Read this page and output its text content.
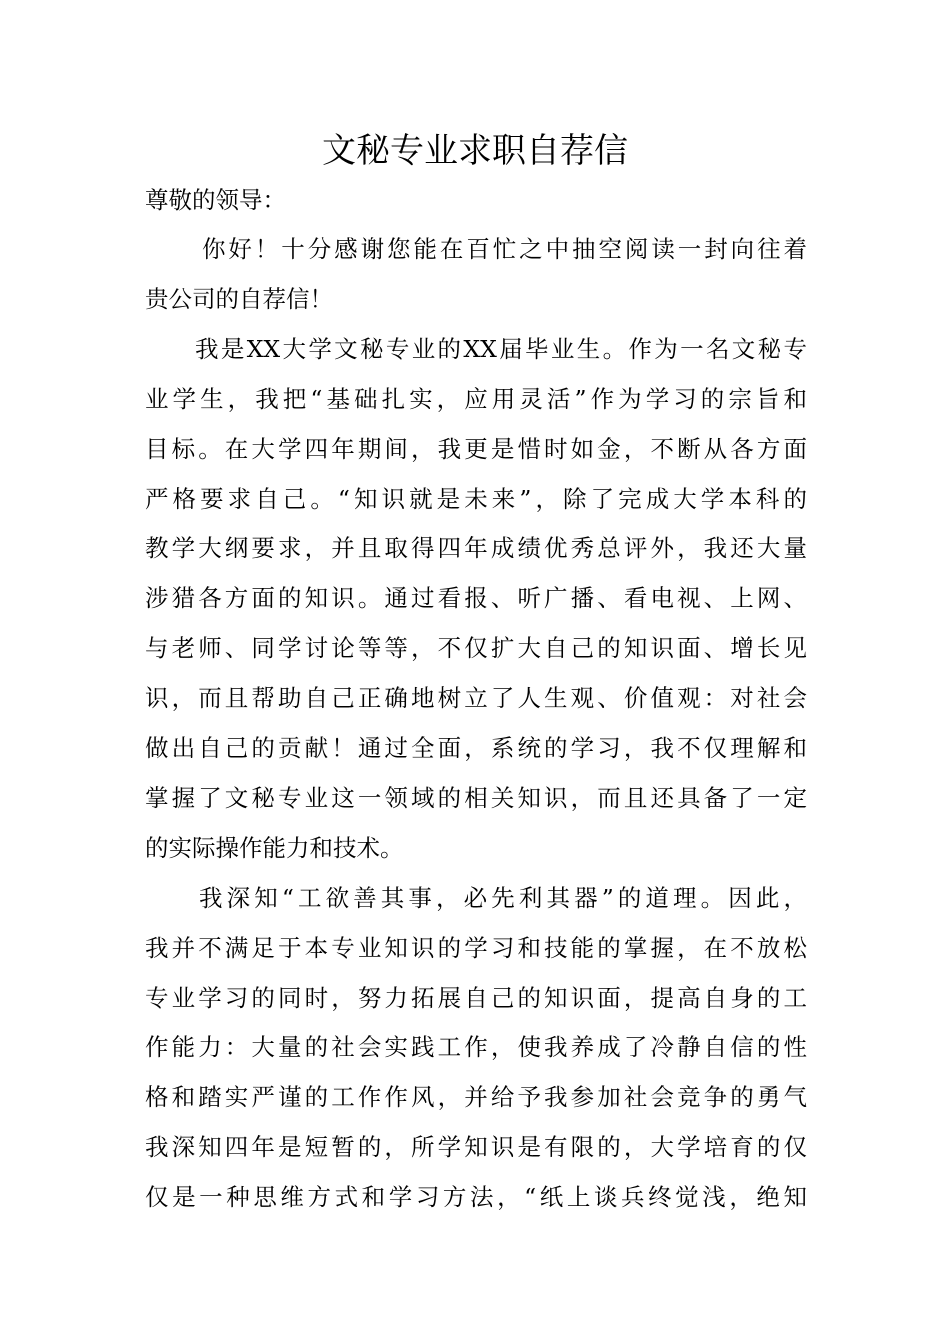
文秘专业求职自荐信

尊敬的领导：

你好！十分感谢您能在百忙之中抽空阅读一封向往着

贵公司的自荐信！

我是XX大学文秘专业的XX届毕业生。作为一名文秘专

业学生，我把“基础扎实，应用灵活”作为学习的宗旨和

目标。在大学四年期间，我更是惜时如金，不断从各方面

严格要求自己。“知识就是未来”，除了完成大学本科的

教学大纲要求，并且取得四年成绩优秀总评外，我还大量

涉猎各方面的知识。通过看报、听广播、看电视、上网、

与老师、同学讨论等等，不仅扩大自己的知识面、增长见

识，而且帮助自己正确地树立了人生观、价值观：对社会

做出自己的贡献！通过全面，系统的学习，我不仅理解和

掌握了文秘专业这一领域的相关知识，而且还具备了一定

的实际操作能力和技术。

我深知“工欲善其事，必先利其器”的道理。因此，

我并不满足于本专业知识的学习和技能的掌握，在不放松

专业学习的同时，努力拓展自己的知识面，提高自身的工

作能力：大量的社会实践工作，使我养成了冷静自信的性

格和踏实严谨的工作作风，并给予我参加社会竞争的勇气

我深知四年是短暂的，所学知识是有限的，大学培育的仅

仅是一种思维方式和学习方法，“纸上谈兵终觉浅，绝知
